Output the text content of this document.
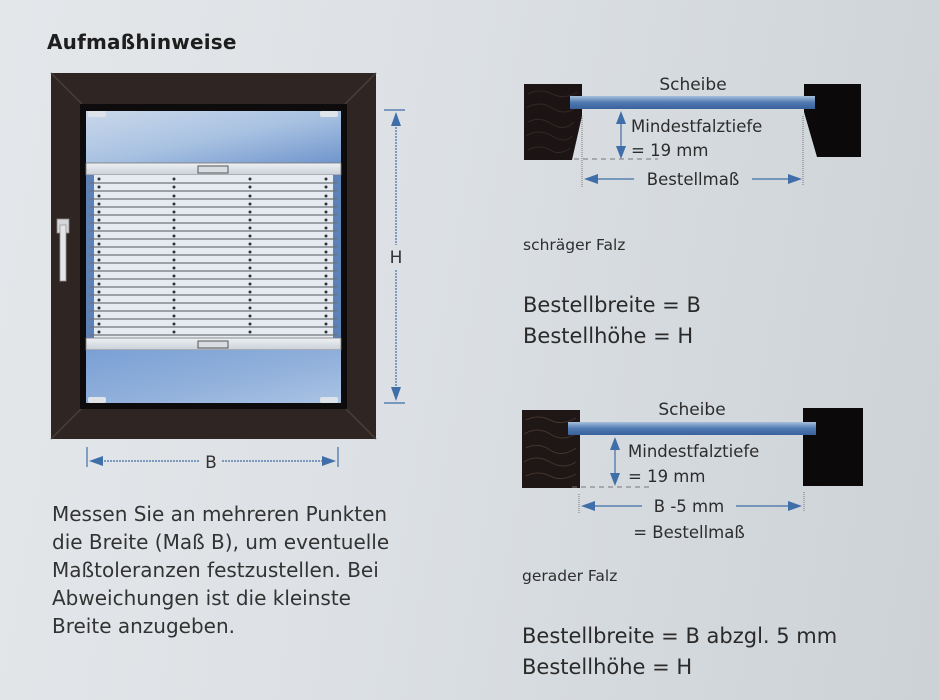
Aufmaßhinweise
H
B
Messen Sie an mehreren Punkten
die Breite (Maß B), um eventuelle
Maßtoleranzen festzustellen. Bei
Abweichungen ist die kleinste
Breite anzugeben.

Scheibe
Mindestfalztiefe
= 19 mm
Bestellmaß
schräger Falz
Bestellbreite = B
Bestellhöhe = H
Scheibe
Mindestfalztiefe
= 19 mm
B -5 mm
= Bestellmaß
gerader Falz
Bestellbreite = B abzgl. 5 mm
Bestellhöhe = H
